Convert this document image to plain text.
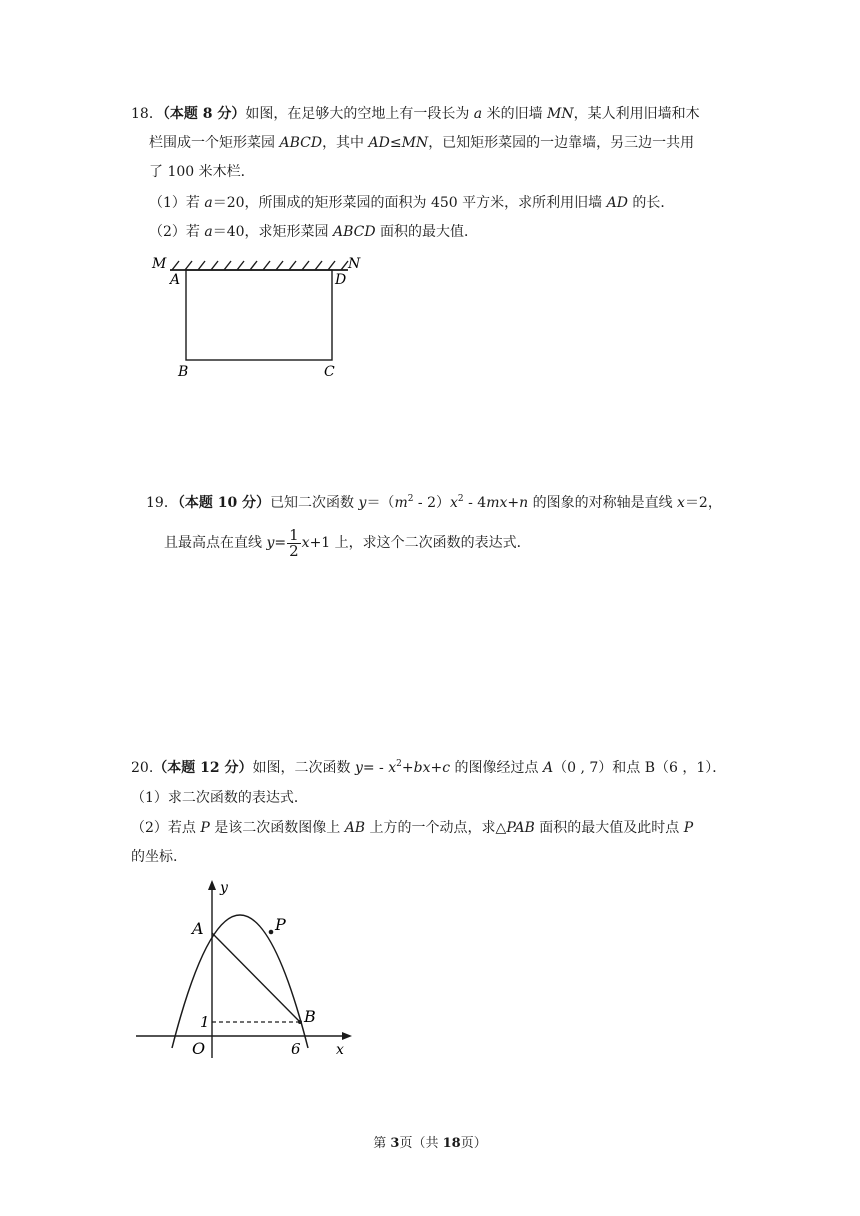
18．（本题 8 分）如图，在足够大的空地上有一段长为 a 米的旧墙 MN，某人利用旧墙和木
栏围成一个矩形菜园 ABCD，其中 AD≤MN，已知矩形菜园的一边靠墙，另三边一共用
了 100 米木栏．
（1）若 a＝20，所围成的矩形菜园的面积为 450 平方米，求所利用旧墙 AD 的长．
（2）若 a＝40，求矩形菜园 ABCD 面积的最大值．
M	N
A	D
B	C
19．（本题 10 分）已知二次函数 $y=(m^2$ ‐ $2)x^2$ ‐ 4mx+n 的图象的对称轴是直线 x＝2，
且最高点在直线 $y= \frac{1}{2} x+1$ 上，求这个二次函数的表达式．
20.（本题 12 分）如图，二次函数 y= ‐ $x^2+bx+c$ 的图像经过点 A（0 , 7）和点 B（6 ，1）．
（1）求二次函数的表达式．
（2）若点 P 是该二次函数图像上 AB 上方的一个动点，求△PAB 面积的最大值及此时点 P
的坐标.
y
A	P
B
O
1
6	x
第 3页（共 18页）
